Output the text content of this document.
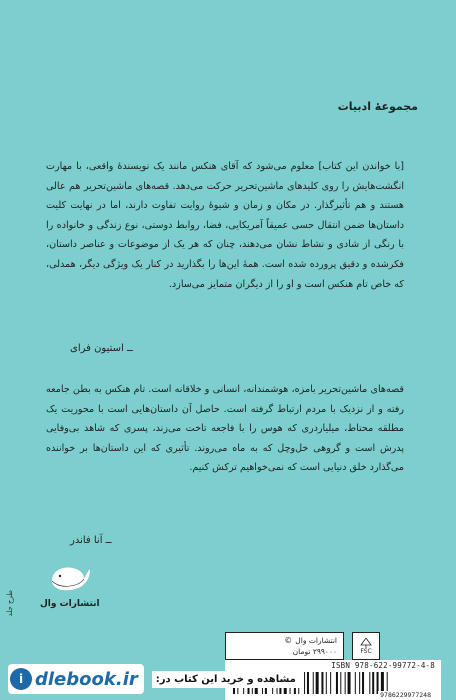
مجموعهٔ ادبیات

[با خواندن این کتاب] معلوم می‌شود که آقای هنکس مانند یک نویسندهٔ واقعی، با مهارت انگشت‌هایش را روی کلیدهای ماشین‌تحریر حرکت می‌دهد. قصه‌های ماشین‌تحریر هم عالی هستند و هم تأثیرگذار. در مکان و زمان و شیوهٔ روایت تفاوت دارند، اما در نهایت کلیت داستان‌ها ضمن انتقال حسی عمیقاً آمریکایی، فضا، روابط دوستی، نوع زندگی و خانواده را با رنگی از شادی و نشاط نشان می‌دهند، چنان که هر یک از موضوعات و عناصر داستان، فکرشده و دقیق پرورده شده است. همهٔ این‌ها را بگذارید در کنار یک ویژگی دیگر، همدلی، که خاص تام هنکس است و او را از دیگران متمایز می‌سازد.

ــ استیون فرای

قصه‌های ماشین‌تحریر بامزه، هوشمندانه، انسانی و خلاقانه است. تام هنکس به بطن جامعه رفته و از نزدیک با مردم ارتباط گرفته است. حاصل آن داستان‌هایی است با محوریت یک مطلقه محتاط، میلیاردری که هوس را با فاجعه تاخت می‌زند، پسری که شاهد بی‌وفایی پدرش است و گروهی خل‌وچل که به ماه می‌روند. تأثیری که این داستان‌ها بر خواننده می‌گذارد خلق دنیایی است که نمی‌خواهیم ترکش کنیم.

ــ آنا فاندر
انتشارات وال
طرح جلد
انتشارات وال
©
۲۹۹۰۰۰ تومان	FSC
ISBN 978-622-99772-4-8
9786229977248
i dlebook.ir	مشاهده و خرید این کتاب در:
